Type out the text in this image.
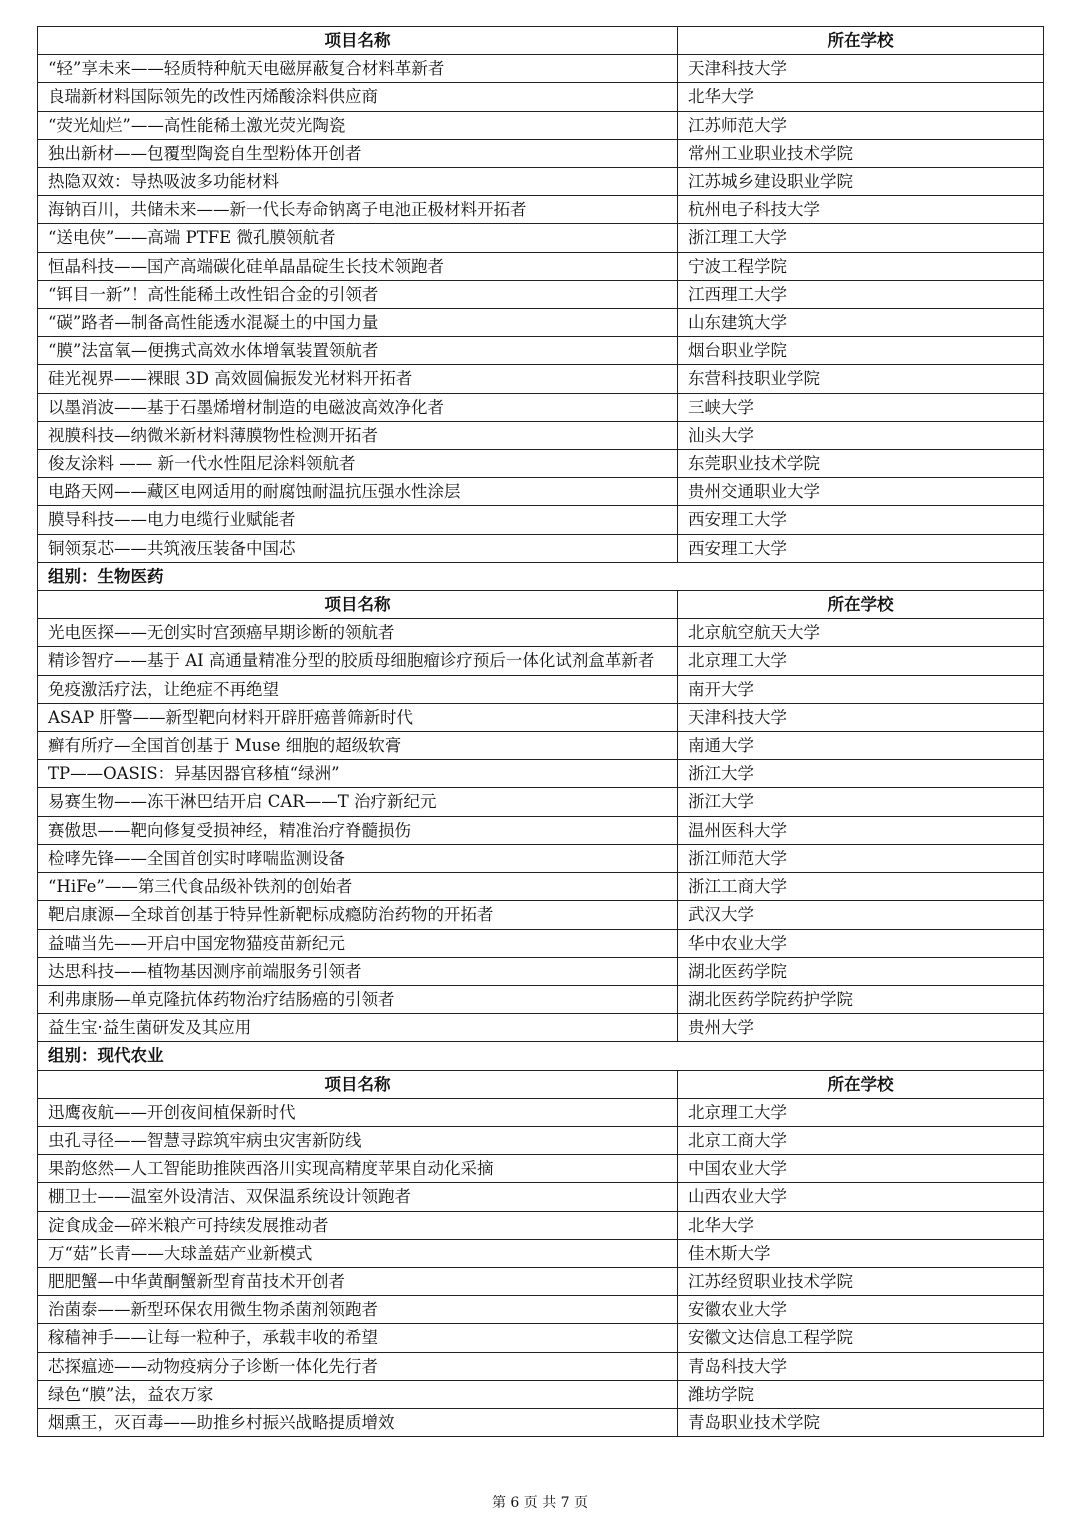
项目名称	所在学校
“轻”享未来——轻质特种航天电磁屏蔽复合材料革新者	天津科技大学
良瑞新材料国际领先的改性丙烯酸涂料供应商	北华大学
“荧光灿烂”——高性能稀土激光荧光陶瓷	江苏师范大学
独出新材——包覆型陶瓷自生型粉体开创者	常州工业职业技术学院
热隐双效：导热吸波多功能材料	江苏城乡建设职业学院
海钠百川，共储未来——新一代长寿命钠离子电池正极材料开拓者	杭州电子科技大学
“送电侠”——高端 PTFE 微孔膜领航者	浙江理工大学
恒晶科技——国产高端碳化硅单晶晶碇生长技术领跑者	宁波工程学院
“铒目一新”！高性能稀土改性铝合金的引领者	江西理工大学
“碳”路者—制备高性能透水混凝土的中国力量	山东建筑大学
“膜”法富氧—便携式高效水体增氧装置领航者	烟台职业学院
硅光视界——裸眼 3D 高效圆偏振发光材料开拓者	东营科技职业学院
以墨消波——基于石墨烯增材制造的电磁波高效净化者	三峡大学
视膜科技—纳微米新材料薄膜物性检测开拓者	汕头大学
俊友涂料 —— 新一代水性阻尼涂料领航者	东莞职业技术学院
电路天网——藏区电网适用的耐腐蚀耐温抗压强水性涂层	贵州交通职业大学
膜导科技——电力电缆行业赋能者	西安理工大学
铜领泵芯——共筑液压装备中国芯	西安理工大学
组别：生物医药	
项目名称	所在学校
光电医探——无创实时宫颈癌早期诊断的领航者	北京航空航天大学
精诊智疗——基于 AI 高通量精准分型的胶质母细胞瘤诊疗预后一体化试剂盒革新者	北京理工大学
免疫激活疗法，让绝症不再绝望	南开大学
ASAP 肝警——新型靶向材料开辟肝癌普筛新时代	天津科技大学
癣有所疗—全国首创基于 Muse 细胞的超级软膏	南通大学
TP——OASIS：异基因器官移植“绿洲”	浙江大学
易赛生物——冻干淋巴结开启 CAR——T 治疗新纪元	浙江大学
赛傲思——靶向修复受损神经，精准治疗脊髓损伤	温州医科大学
检哮先锋——全国首创实时哮喘监测设备	浙江师范大学
“HiFe”——第三代食品级补铁剂的创始者	浙江工商大学
靶启康源—全球首创基于特异性新靶标成瘾防治药物的开拓者	武汉大学
益喵当先——开启中国宠物猫疫苗新纪元	华中农业大学
达思科技——植物基因测序前端服务引领者	湖北医药学院
利弗康肠—单克隆抗体药物治疗结肠癌的引领者	湖北医药学院药护学院
益生宝·益生菌研发及其应用	贵州大学
组别：现代农业	
项目名称	所在学校
迅鹰夜航——开创夜间植保新时代	北京理工大学
虫孔寻径——智慧寻踪筑牢病虫灾害新防线	北京工商大学
果韵悠然—人工智能助推陕西洛川实现高精度苹果自动化采摘	中国农业大学
棚卫士——温室外设清洁、双保温系统设计领跑者	山西农业大学
淀食成金—碎米粮产可持续发展推动者	北华大学
万“菇”长青——大球盖菇产业新模式	佳木斯大学
肥肥蟹—中华黄酮蟹新型育苗技术开创者	江苏经贸职业技术学院
治菌泰——新型环保农用微生物杀菌剂领跑者	安徽农业大学
稼穑神手——让每一粒种子，承载丰收的希望	安徽文达信息工程学院
芯探瘟迹——动物疫病分子诊断一体化先行者	青岛科技大学
绿色“膜”法，益农万家	潍坊学院
烟熏王，灭百毒——助推乡村振兴战略提质增效	青岛职业技术学院
第 6 页 共 7 页
